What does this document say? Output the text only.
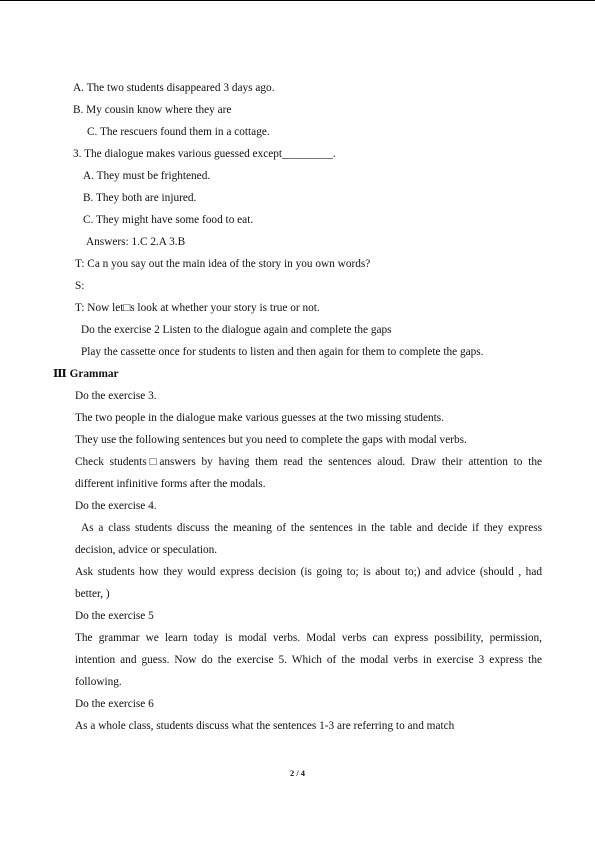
A. The two students disappeared 3 days ago.
B. My cousin know where they are
C. The rescuers found them in a cottage.
3. The dialogue makes various guessed except_________.
A. They must be frightened.
B. They both are injured.
C. They might have some food to eat.
Answers: 1.C 2.A 3.B
T: Ca n you say out the main idea of the story in you own words?
S:
T: Now let□s look at whether your story is true or not.
Do the exercise 2 Listen to the dialogue again and complete the gaps
Play the cassette once for students to listen and then again for them to complete the gaps.
Ⅲ Grammar
Do the exercise 3.
The two people in the dialogue make various guesses at the two missing students.
They use the following sentences but you need to complete the gaps with modal verbs.
Check students□answers by having them read the sentences aloud. Draw their attention to the
different infinitive forms after the modals.
Do the exercise 4.
As a class students discuss the meaning of the sentences in the table and decide if they express
decision, advice or speculation.
Ask students how they would express decision (is going to; is about to;) and advice (should , had
better, )
Do the exercise 5
The grammar we learn today is modal verbs. Modal verbs can express possibility, permission,
intention and guess. Now do the exercise 5. Which of the modal verbs in exercise 3 express the
following.
Do the exercise 6
As a whole class, students discuss what the sentences 1-3 are referring to and match
2 / 4
